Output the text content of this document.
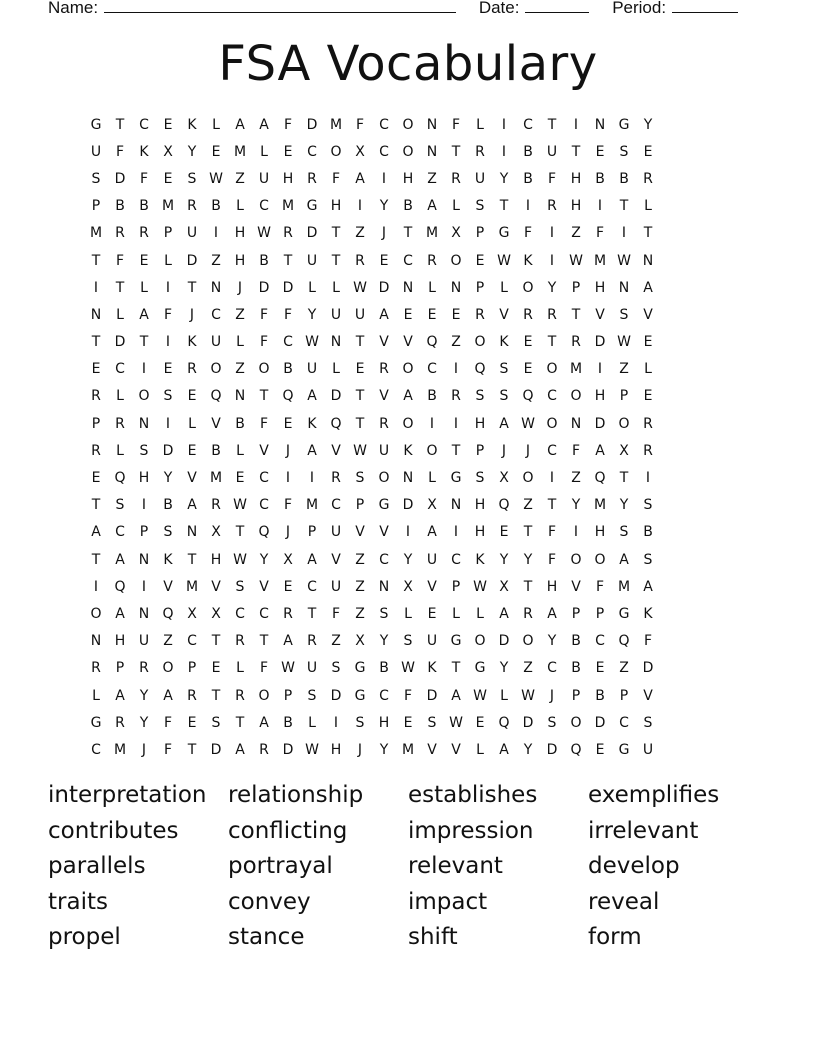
Name:	Date:	Period:
FSA Vocabulary
G	T	C	E	K	L	A	A	F	D M F	C O N	F	L	I	C	T	I	N G	Y
U	F	K	X	Y	E M	L	E	C O X	C O N	T	R	I	B	U	T	E	S	E
S	D	F	E	S W Z	U H R	F	A	I	H Z	R	U	Y	B	F	H B	B	R
P	B	B M R	B	L	C M G H	I	Y	B	A	L	S	T	I	R H	I	T	L
M R	R	P	U	I	H W R D	T	Z	J	T M X	P	G	F	I	Z	F	I	T
T	F	E	L	D Z H B	T	U	T	R	E	C	R O	E W K	I	W M W N
I	T	L	I	T	N	J	D D	L	L W D N	L	N	P	L	O	Y	P	H N A
N	L	A	F	J	C	Z	F	F	Y	U U	A	E	E	E	R	V	R	R	T	V	S	V
T	D	T	I	K	U	L	F	C W N	T	V	V Q Z O K	E	T	R D W E
E	C	I	E	R O Z O B	U	L	E	R O C	I	Q	S	E	O M	I	Z	L
R	L	O	S	E	Q N	T	Q A D	T	V	A	B	R	S	S	Q C O H	P	E
P	R N	I	L	V	B	F	E	K Q	T	R O	I	I	H A W O N D O R
R	L	S	D	E	B	L	V	J	A	V W U	K O	T	P	J	J	C	F	A	X	R
E	Q H	Y	V M E	C	I	I	R	S	O N	L	G	S	X O	I	Z Q	T	I
T	S	I	B	A	R W C	F M C	P	G D X N H Q Z	T	Y M Y	S
A	C	P	S	N X	T	Q	J	P	U	V	V	I	A	I	H	E	T	F	I	H	S	B
T	A N	K	T	H W Y	X	A	V	Z	C	Y	U C	K	Y	Y	F	O O A	S
I	Q	I	V M V	S	V	E	C U	Z N X	V	P W X	T	H V	F M A
O A N Q X	X	C	C	R	T	F	Z	S	L	E	L	L	A	R	A	P	P	G K
N H U	Z	C	T	R	T	A	R	Z	X	Y	S	U G O D O	Y	B	C Q	F
R	P	R O	P	E	L	F W U	S	G B W K	T	G	Y	Z	C	B	E	Z D
L	A	Y	A	R	T	R O	P	S	D G C	F	D A W L W	J	P	B	P	V
G R	Y	F	E	S	T	A	B	L	I	S	H	E	S W E	Q D	S	O D C	S
C M	J	F	T	D A	R D W H	J	Y M V	V	L	A	Y	D Q	E	G U
interpretation relationship	establishes	exemplifies
contributes	conflicting	impression	irrelevant
parallels	portrayal	relevant	develop
traits	convey	impact	reveal
propel	stance	shift	form
